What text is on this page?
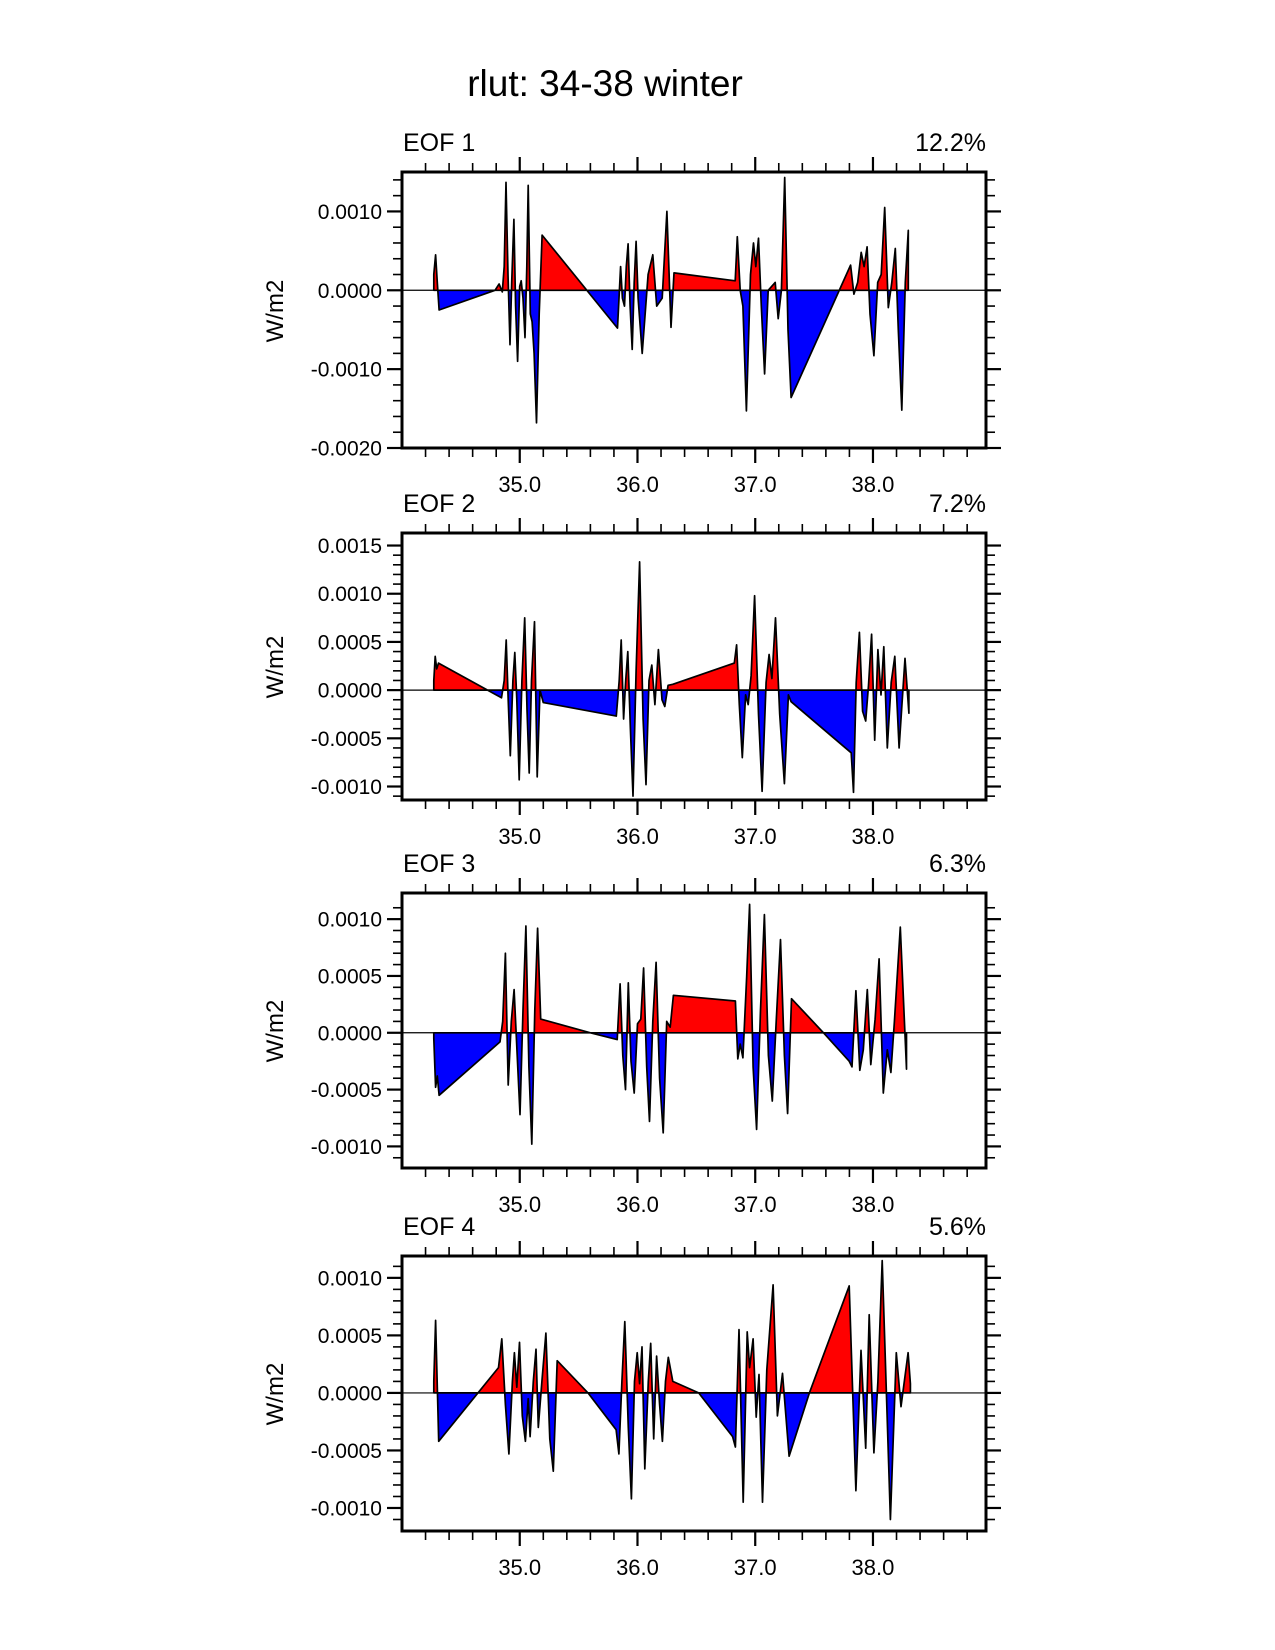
rlut: 34-38 winter
EOF 1	12.2%
EOF 2	7.2%
EOF 3	6.3%
EOF 4	5.6%
W/m2
W/m2
W/m2
W/m2
0.0010
0.0000
-0.0010
-0.0020
35.0	36.0	37.0	38.0
0.0015
0.0010
0.0005
0.0000
-0.0005
-0.0010
35.0	36.0	37.0	38.0
0.0010
0.0005
0.0000
-0.0005
-0.0010
35.0	36.0	37.0	38.0
0.0010
0.0005
0.0000
-0.0005
-0.0010
35.0	36.0	37.0	38.0
